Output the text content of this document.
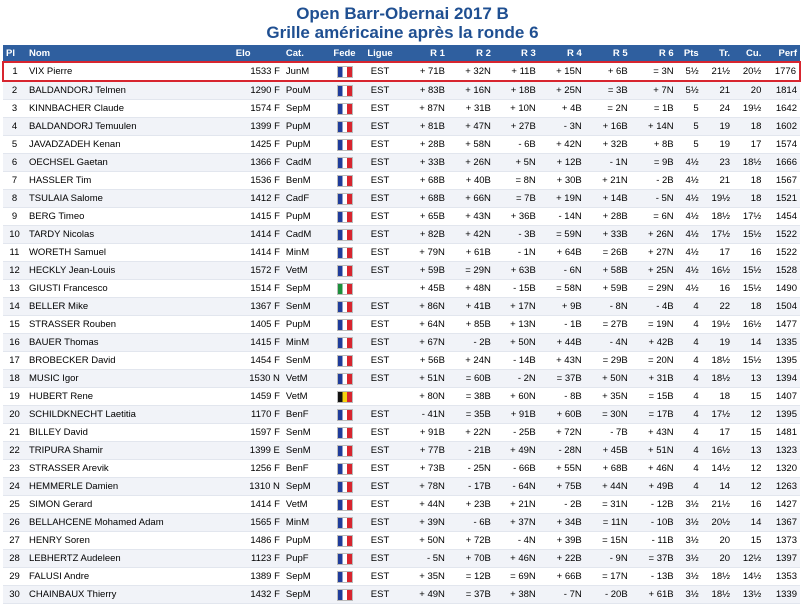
Open Barr-Obernai 2017 B
Grille américaine après la ronde 6
Pl	Nom	Elo	Cat.	Fede	Ligue	R 1	R 2	R 3	R 4	R 5	R 6	Pts	Tr.	Cu.	Perf
1	VIX Pierre	1533 F	JunM		EST	+ 71B	+ 32N	+ 11B	+ 15N	+ 6B	= 3N	5½	21½	20½	1776
2	BALDANDORJ Telmen	1290 F	PouM		EST	+ 83B	+ 16N	+ 18B	+ 25N	= 3B	+ 7N	5½	21	20	1814
3	KINNBACHER Claude	1574 F	SepM		EST	+ 87N	+ 31B	+ 10N	+ 4B	= 2N	= 1B	5	24	19½	1642
4	BALDANDORJ Temuulen	1399 F	PupM		EST	+ 81B	+ 47N	+ 27B	- 3N	+ 16B	+ 14N	5	19	18	1602
5	JAVADZADEH Kenan	1425 F	PupM		EST	+ 28B	+ 58N	- 6B	+ 42N	+ 32B	+ 8B	5	19	17	1574
6	OECHSEL Gaetan	1366 F	CadM		EST	+ 33B	+ 26N	+ 5N	+ 12B	- 1N	= 9B	4½	23	18½	1666
7	HASSLER Tim	1536 F	BenM		EST	+ 68B	+ 40B	= 8N	+ 30B	+ 21N	- 2B	4½	21	18	1567
8	TSULAIA Salome	1412 F	CadF		EST	+ 68B	+ 66N	= 7B	+ 19N	+ 14B	- 5N	4½	19½	18	1521
9	BERG Timeo	1415 F	PupM		EST	+ 65B	+ 43N	+ 36B	- 14N	+ 28B	= 6N	4½	18½	17½	1454
10	TARDY Nicolas	1414 F	CadM		EST	+ 82B	+ 42N	- 3B	= 59N	+ 33B	+ 26N	4½	17½	15½	1522
11	WORETH Samuel	1414 F	MinM		EST	+ 79N	+ 61B	- 1N	+ 64B	= 26B	+ 27N	4½	17	16	1522
12	HECKLY Jean-Louis	1572 F	VetM		EST	+ 59B	= 29N	+ 63B	- 6N	+ 58B	+ 25N	4½	16½	15½	1528
13	GIUSTI Francesco	1514 F	SepM			+ 45B	+ 48N	- 15B	= 58N	+ 59B	= 29N	4½	16	15½	1490
14	BELLER Mike	1367 F	SenM		EST	+ 86N	+ 41B	+ 17N	+ 9B	- 8N	- 4B	4	22	18	1504
15	STRASSER Rouben	1405 F	PupM		EST	+ 64N	+ 85B	+ 13N	- 1B	= 27B	= 19N	4	19½	16½	1477
16	BAUER Thomas	1415 F	MinM		EST	+ 67N	- 2B	+ 50N	+ 44B	- 4N	+ 42B	4	19	14	1335
17	BROBECKER David	1454 F	SenM		EST	+ 56B	+ 24N	- 14B	+ 43N	= 29B	= 20N	4	18½	15½	1395
18	MUSIC Igor	1530 N	VetM		EST	+ 51N	= 60B	- 2N	= 37B	+ 50N	+ 31B	4	18½	13	1394
19	HUBERT Rene	1459 F	VetM			+ 80N	= 38B	+ 60N	- 8B	+ 35N	= 15B	4	18	15	1407
20	SCHILDKNECHT Laetitia	1170 F	BenF		EST	- 41N	= 35B	+ 91B	+ 60B	= 30N	= 17B	4	17½	12	1395
21	BILLEY David	1597 F	SenM		EST	+ 91B	+ 22N	- 25B	+ 72N	- 7B	+ 43N	4	17	15	1481
22	TRIPURA Shamir	1399 E	SenM		EST	+ 77B	- 21B	+ 49N	- 28N	+ 45B	+ 51N	4	16½	13	1323
23	STRASSER Arevik	1256 F	BenF		EST	+ 73B	- 25N	- 66B	+ 55N	+ 68B	+ 46N	4	14½	12	1320
24	HEMMERLE Damien	1310 N	SepM		EST	+ 78N	- 17B	- 64N	+ 75B	+ 44N	+ 49B	4	14	12	1263
25	SIMON Gerard	1414 F	VetM		EST	+ 44N	+ 23B	+ 21N	- 2B	= 31N	- 12B	3½	21½	16	1427
26	BELLAHCENE Mohamed Adam	1565 F	MinM		EST	+ 39N	- 6B	+ 37N	+ 34B	= 11N	- 10B	3½	20½	14	1367
27	HENRY Soren	1486 F	PupM		EST	+ 50N	+ 72B	- 4N	+ 39B	= 15N	- 11B	3½	20	15	1373
28	LEBHERTZ Audeleen	1123 F	PupF		EST	- 5N	+ 70B	+ 46N	+ 22B	- 9N	= 37B	3½	20	12½	1397
29	FALUSI Andre	1389 F	SepM		EST	+ 35N	= 12B	= 69N	+ 66B	= 17N	- 13B	3½	18½	14½	1353
30	CHAINBAUX Thierry	1432 F	SepM		EST	+ 49N	= 37B	+ 38N	- 7N	- 20B	+ 61B	3½	18½	13½	1339
